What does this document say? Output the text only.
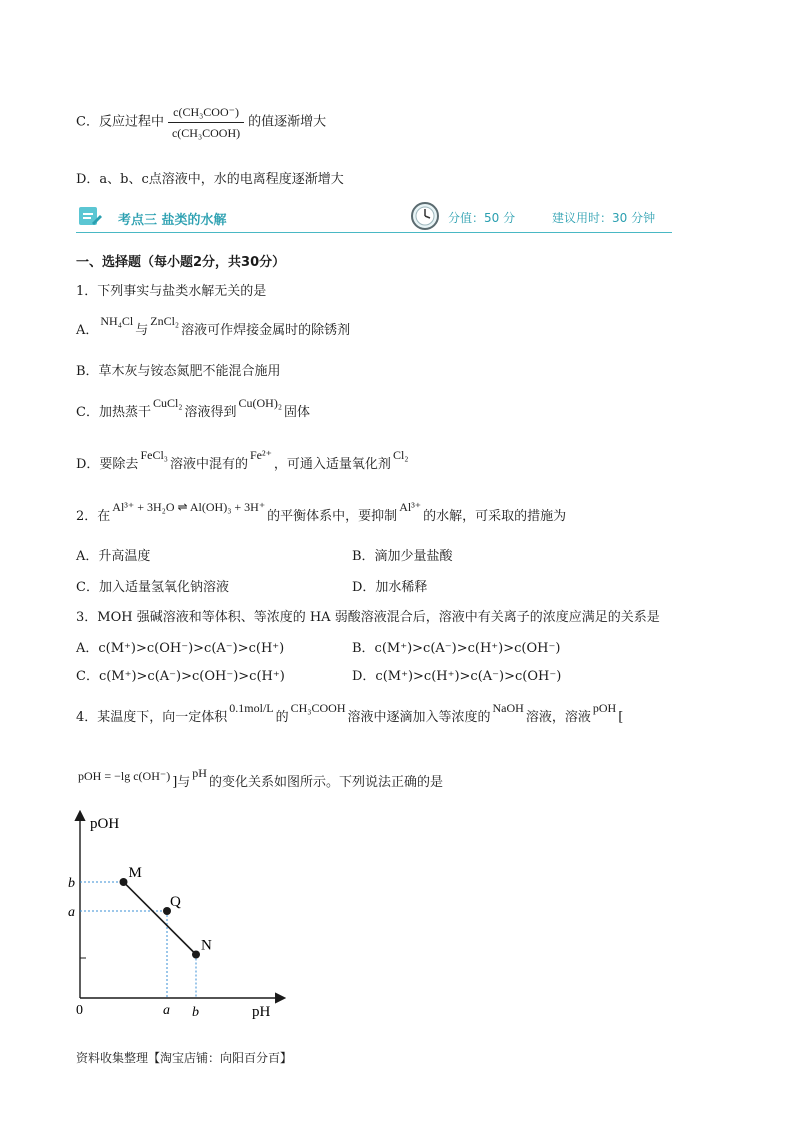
C．反应过程中 $\frac{\text{c(CH₃COO⁻)}}{\text{c(CH₃COOH)}}$ 的值逐渐增大
D．a、b、c点溶液中，水的电离程度逐渐增大
考点三 盐类的水解	分值：50 分	建议用时：30 分钟
一、选择题（每小题2分，共30分）
1．下列事实与盐类水解无关的是
A．NH₄Cl与ZnCl₂溶液可作焊接金属时的除锈剂
B．草木灰与铵态氮肥不能混合施用
C．加热蒸干CuCl₂溶液得到Cu(OH)₂固体
D．要除去FeCl₃溶液中混有的Fe²⁺，可通入适量氧化剂Cl₂
2．在Al³⁺ + 3H₂O ⇌ Al(OH)₃ + 3H⁺的平衡体系中，要抑制Al³⁺的水解，可采取的措施为
A．升高温度	B．滴加少量盐酸
C．加入适量氢氧化钠溶液	D．加水稀释
3．MOH 强碱溶液和等体积、等浓度的 HA 弱酸溶液混合后，溶液中有关离子的浓度应满足的关系是
A．c(M⁺)>c(OH⁻)>c(A⁻)>c(H⁺)	B．c(M⁺)>c(A⁻)>c(H⁺)>c(OH⁻)
C．c(M⁺)>c(A⁻)>c(OH⁻)>c(H⁺)	D．c(M⁺)>c(H⁺)>c(A⁻)>c(OH⁻)
4．某温度下，向一定体积0.1mol/L的CH₃COOH溶液中逐滴加入等浓度的NaOH溶液，溶液pOH[
pOH = −lg c(OH⁻) ]与pH的变化关系如图所示。下列说法正确的是
pOH
pH
0
b
a
a b
M
Q
N
资料收集整理【淘宝店铺：向阳百分百】
